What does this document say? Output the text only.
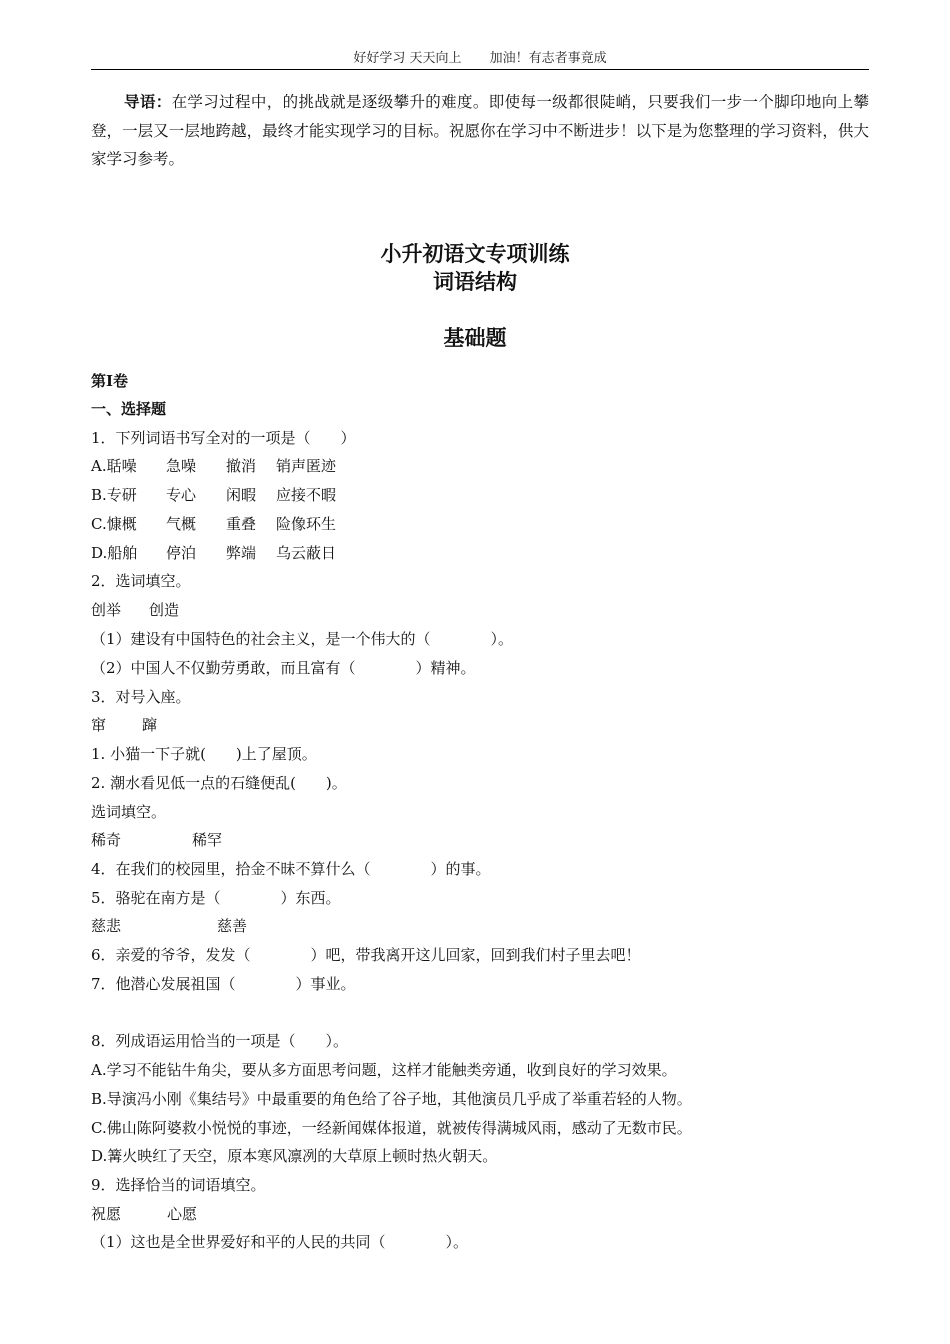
好好学习 天天向上 加油！有志者事竟成
导语：在学习过程中，的挑战就是逐级攀升的难度。即使每一级都很陡峭，只要我们一步一个脚印地向上攀登，一层又一层地跨越，最终才能实现学习的目标。祝愿你在学习中不断进步！以下是为您整理的学习资料，供大家学习参考。
小升初语文专项训练
词语结构
基础题
第Ⅰ卷
一、选择题
1．下列词语书写全对的一项是（　　）
A.聒噪 急噪 撤消 销声匿迹
B.专研 专心 闲暇 应接不暇
C.慷概 气概 重叠 险像环生
D.船舶 停泊 弊端 乌云蔽日
2．选词填空。
创举 创造
（1）建设有中国特色的社会主义，是一个伟大的（　　　　）。
（2）中国人不仅勤劳勇敢，而且富有（　　　　）精神。
3．对号入座。
窜 蹿
1. 小猫一下子就(　　)上了屋顶。
2. 潮水看见低一点的石缝便乱(　　)。
选词填空。
稀奇	稀罕
4．在我们的校园里，拾金不昧不算什么（　　　　）的事。
5．骆驼在南方是（　　　　）东西。
慈悲	慈善
6．亲爱的爷爷，发发（　　　　）吧，带我离开这儿回家，回到我们村子里去吧！
7．他潜心发展祖国（　　　　）事业。
8．列成语运用恰当的一项是（　　）。
A.学习不能钻牛角尖，要从多方面思考问题，这样才能触类旁通，收到良好的学习效果。
B.导演冯小刚《集结号》中最重要的角色给了谷子地，其他演员几乎成了举重若轻的人物。
C.佛山陈阿婆救小悦悦的事迹，一经新闻媒体报道，就被传得满城风雨，感动了无数市民。
D.篝火映红了天空，原本寒风凛冽的大草原上顿时热火朝天。
9．选择恰当的词语填空。
祝愿	心愿
（1）这也是全世界爱好和平的人民的共同（　　　　）。
